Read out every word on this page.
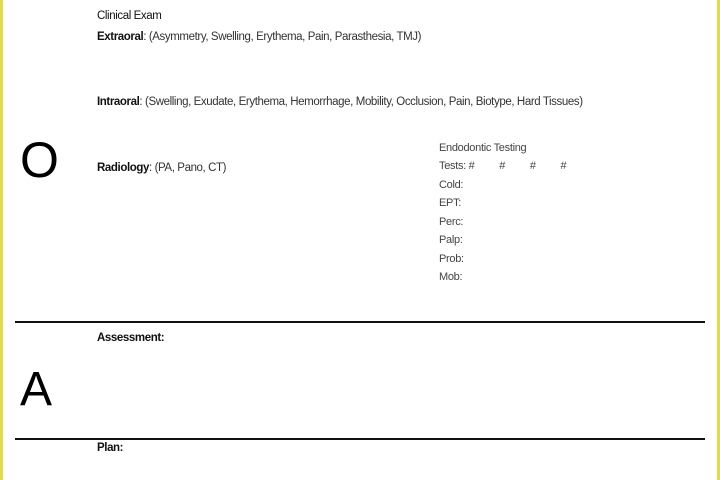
Clinical Exam
Extraoral: (Asymmetry, Swelling, Erythema, Pain, Parasthesia, TMJ)
Intraoral: (Swelling, Exudate, Erythema, Hemorrhage, Mobility, Occlusion, Pain, Biotype, Hard Tissues)
O	Radiology: (PA, Pano, CT)
Endodontic Testing
Tests: # # # #
Cold:
EPT:
Perc:
Palp:
Prob:
Mob:
Assessment:
A
Plan:
